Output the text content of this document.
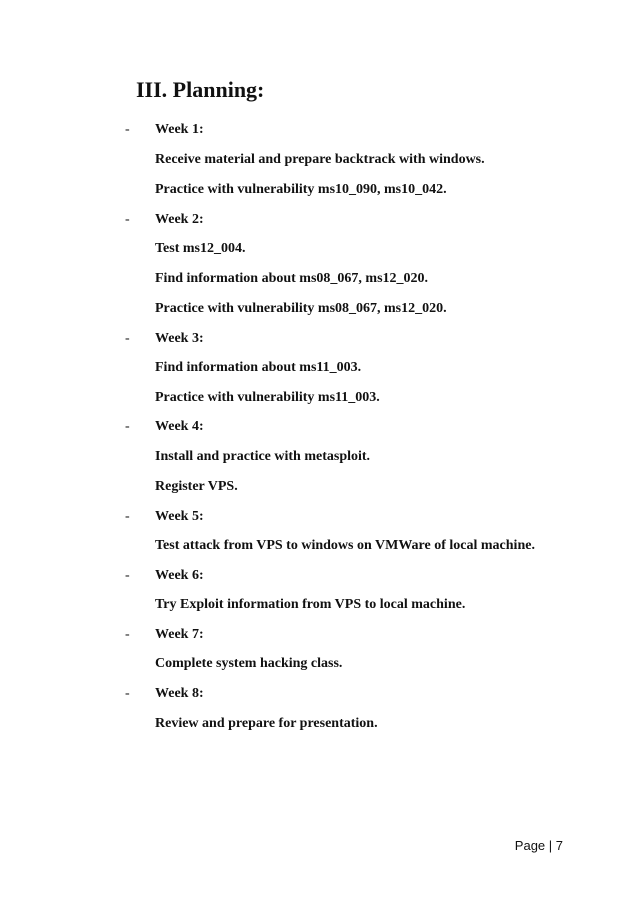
III. Planning:
- Week 1:
Receive material and prepare backtrack with windows.
Practice with vulnerability ms10_090, ms10_042.
- Week 2:
Test ms12_004.
Find information about ms08_067, ms12_020.
Practice with vulnerability ms08_067, ms12_020.
- Week 3:
Find information about ms11_003.
Practice with vulnerability ms11_003.
- Week 4:
Install and practice with metasploit.
Register VPS.
- Week 5:
Test attack from VPS to windows on VMWare of local machine.
- Week 6:
Try Exploit information from VPS to local machine.
- Week 7:
Complete system hacking class.
- Week 8:
Review and prepare for presentation.
Page | 7
